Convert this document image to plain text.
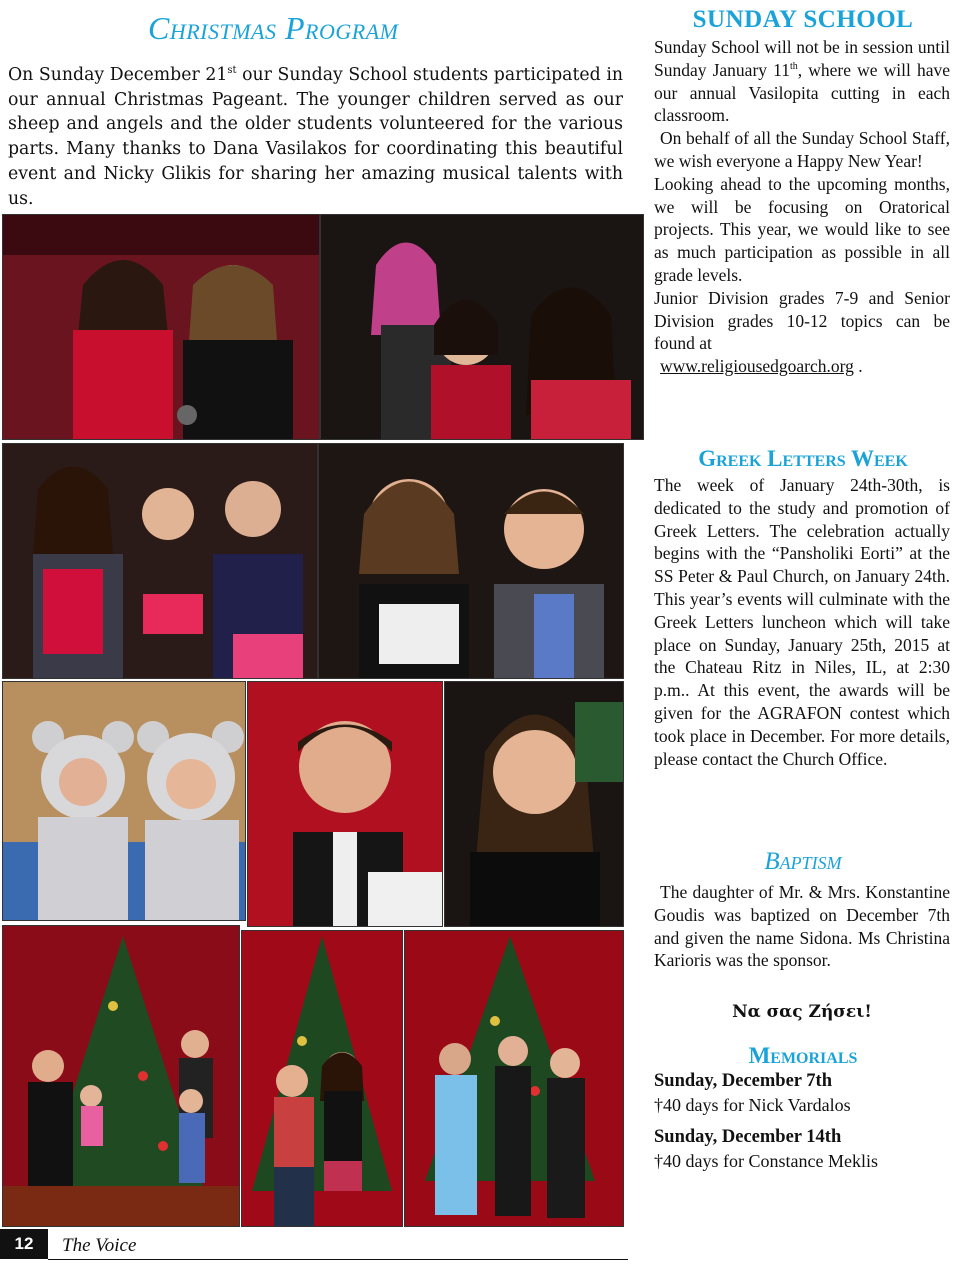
Christmas Program
On Sunday December 21st our Sunday School students participated in our annual Christmas Pageant. The younger children served as our sheep and angels and the older students volunteered for the various parts. Many thanks to Dana Vasilakos for coordinating this beautiful event and Nicky Glikis for sharing her amazing musical talents with us.
SUNDAY SCHOOL

Sunday School will not be in session until Sunday January 11th, where we will have our annual Vasilopita cutting in each classroom.

On behalf of all the Sunday School Staff, we wish everyone a Happy New Year!

Looking ahead to the upcoming months, we will be focusing on Oratorical projects. This year, we would like to see as much participation as possible in all grade levels.

Junior Division grades 7-9 and Senior Division grades 10-12 topics can be found at

www.religiousedgoarch.org .

Greek Letters Week
The week of January 24th-30th, is dedicated to the study and promotion of Greek Letters. The celebration actually begins with the “Pansholiki Eorti” at the SS Peter & Paul Church, on January 24th. This year’s events will culminate with the Greek Letters luncheon which will take place on Sunday, January 25th, 2015 at the Chateau Ritz in Niles, IL, at 2:30 p.m.. At this event, the awards will be given for the AGRAFON contest which took place in December. For more details, please contact the Church Office.
Baptism
The daughter of Mr. & Mrs. Konstantine Goudis was baptized on December 7th and given the name Sidona. Ms Christina Karioris was the sponsor.
Να σας Ζήσει!
Memorials
Sunday, December 7th
†40 days for Nick Vardalos
Sunday, December 14th
†40 days for Constance Meklis
12	The Voice
